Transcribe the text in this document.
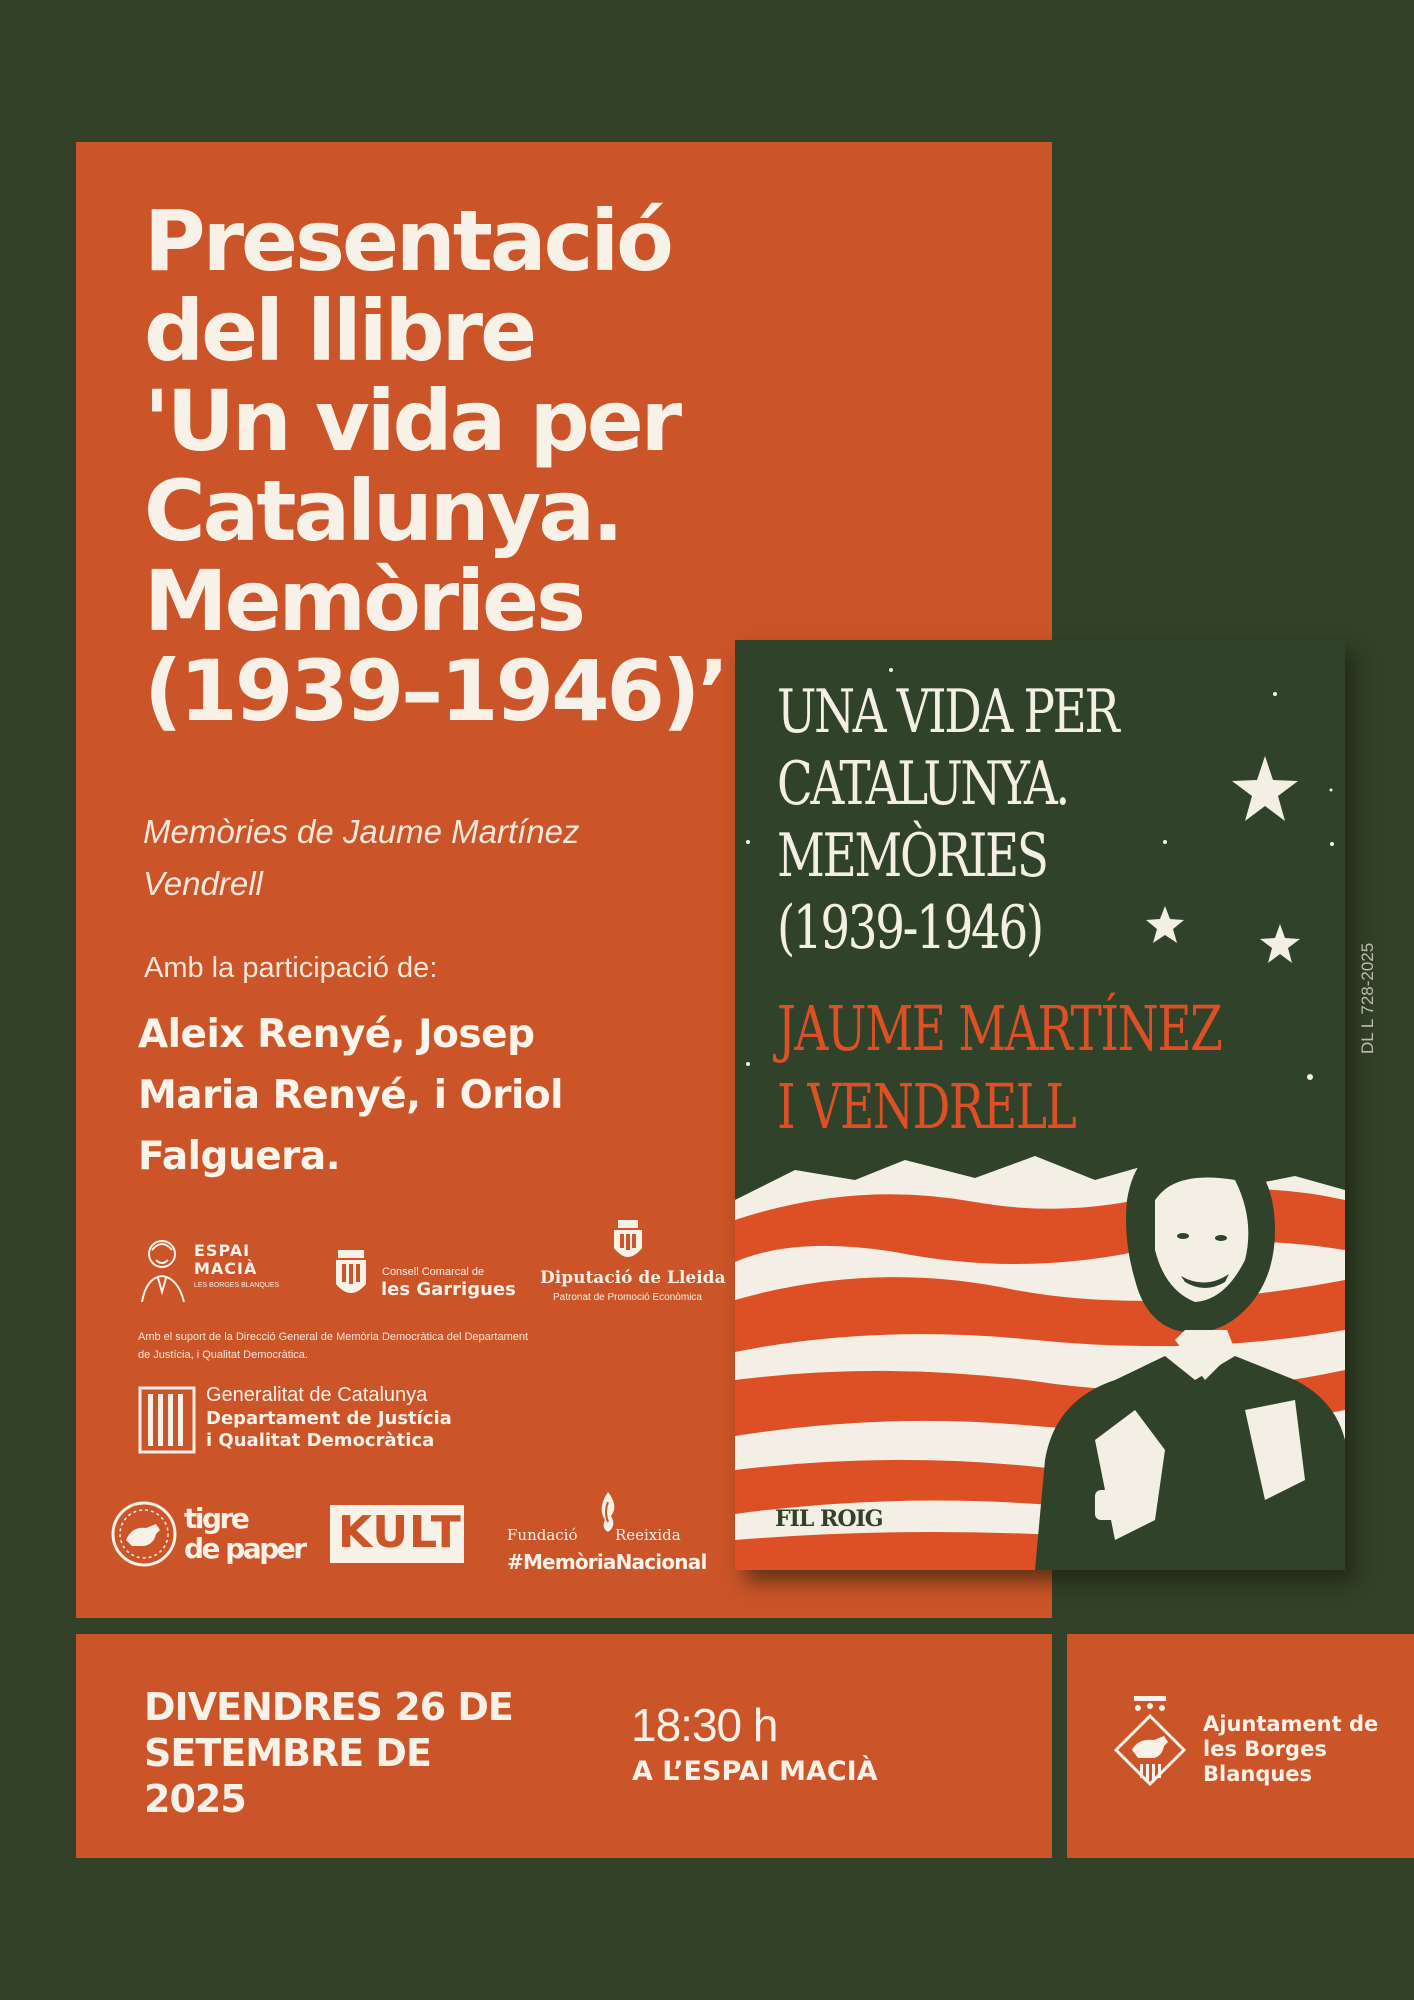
Presentació
del llibre
'Un vida per
Catalunya.
Memòries
(1939–1946)’
Memòries de Jaume Martínez Vendrell
Amb la participació de:
Aleix Renyé, Josep Maria Renyé, i Oriol Falguera.
ESPAI
MACIÀ
LES BORGES BLANQUES
Consell Comarcal de
les Garrigues
Diputació de Lleida
Patronat de Promoció Econòmica
Amb el suport de la Direcció General de Memòria Democràtica del Departament de Justícia, i Qualitat Democràtica.
Generalitat de Catalunya
Departament de Justícia
i Qualitat Democràtica
tigre
de paper KULT	Fundació Reeixida
#MemòriaNacional
UNA VIDA PER
CATALUNYA.
MEMÒRIES
(1939-1946)
JAUME MARTÍNEZ
I VENDRELL
FIL ROIG
DL L 728-2025
DIVENDRES 26 DE SETEMBRE DE 2025
18:30 h
A L’ESPAI MACIÀ
Ajuntament de les Borges Blanques
